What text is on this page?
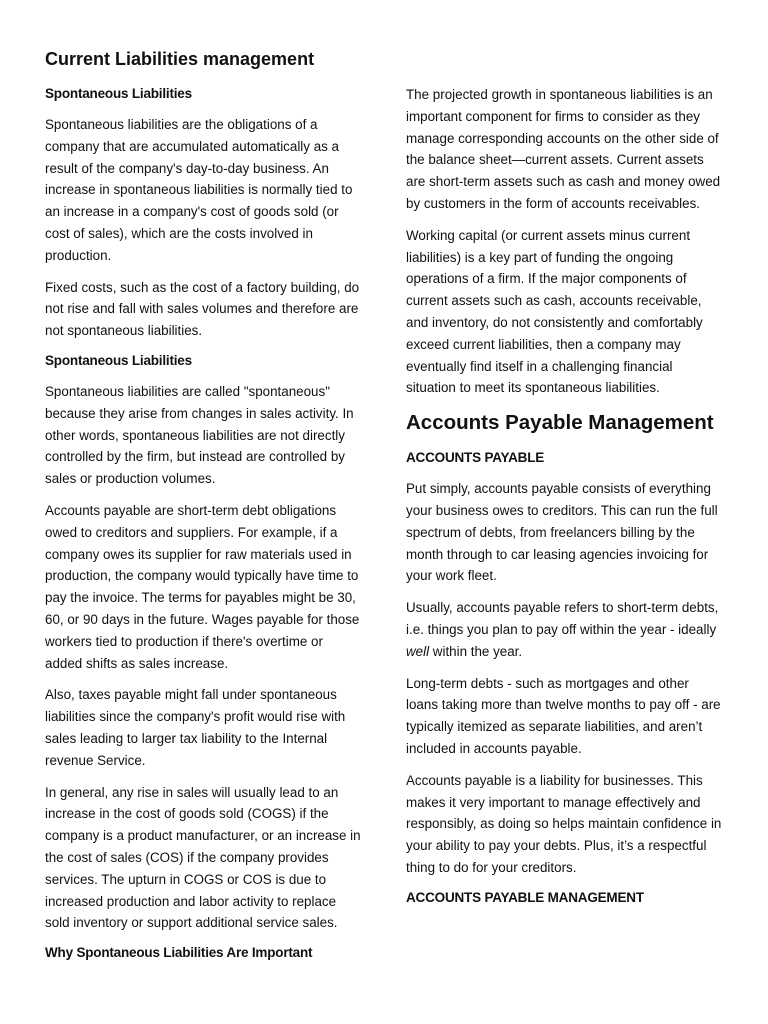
Current Liabilities management
Spontaneous Liabilities

Spontaneous liabilities are the obligations of a company that are accumulated automatically as a result of the company's day-to-day business. An increase in spontaneous liabilities is normally tied to an increase in a company's cost of goods sold (or cost of sales), which are the costs involved in production.

Fixed costs, such as the cost of a factory building, do not rise and fall with sales volumes and therefore are not spontaneous liabilities.

Spontaneous Liabilities

Spontaneous liabilities are called "spontaneous" because they arise from changes in sales activity. In other words, spontaneous liabilities are not directly controlled by the firm, but instead are controlled by sales or production volumes.

Accounts payable are short-term debt obligations owed to creditors and suppliers. For example, if a company owes its supplier for raw materials used in production, the company would typically have time to pay the invoice. The terms for payables might be 30, 60, or 90 days in the future. Wages payable for those workers tied to production if there's overtime or added shifts as sales increase.

Also, taxes payable might fall under spontaneous liabilities since the company's profit would rise with sales leading to larger tax liability to the Internal revenue Service.

In general, any rise in sales will usually lead to an increase in the cost of goods sold (COGS) if the company is a product manufacturer, or an increase in the cost of sales (COS) if the company provides services. The upturn in COGS or COS is due to increased production and labor activity to replace sold inventory or support additional service sales.

Why Spontaneous Liabilities Are Important

The projected growth in spontaneous liabilities is an important component for firms to consider as they manage corresponding accounts on the other side of the balance sheet—current assets. Current assets are short-term assets such as cash and money owed by customers in the form of accounts receivables.

Working capital (or current assets minus current liabilities) is a key part of funding the ongoing operations of a firm. If the major components of current assets such as cash, accounts receivable, and inventory, do not consistently and comfortably exceed current liabilities, then a company may eventually find itself in a challenging financial situation to meet its spontaneous liabilities.

Accounts Payable Management
ACCOUNTS PAYABLE

Put simply, accounts payable consists of everything your business owes to creditors. This can run the full spectrum of debts, from freelancers billing by the month through to car leasing agencies invoicing for your work fleet.

Usually, accounts payable refers to short-term debts, i.e. things you plan to pay off within the year - ideally well within the year.

Long-term debts - such as mortgages and other loans taking more than twelve months to pay off - are typically itemized as separate liabilities, and aren’t included in accounts payable.

Accounts payable is a liability for businesses. This makes it very important to manage effectively and responsibly, as doing so helps maintain confidence in your ability to pay your debts. Plus, it’s a respectful thing to do for your creditors.

ACCOUNTS PAYABLE MANAGEMENT
